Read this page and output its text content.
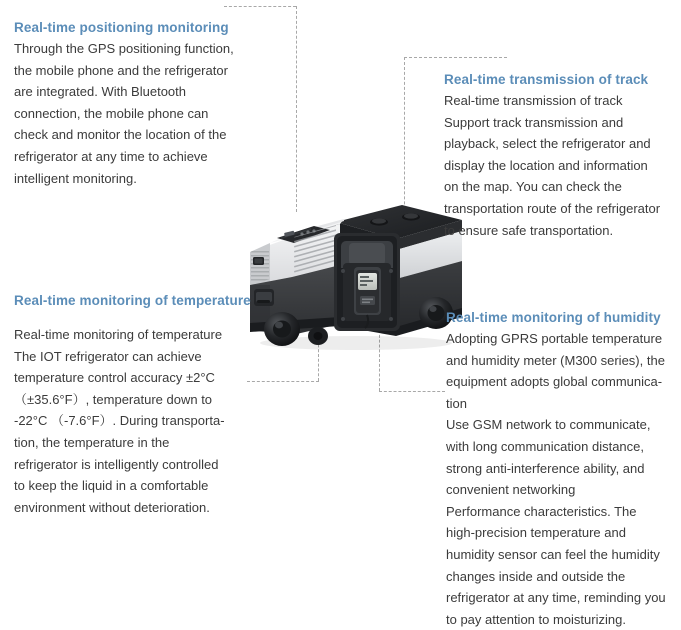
Real-time positioning monitoring

Through the GPS positioning function,
the mobile phone and the refrigerator
are integrated. With Bluetooth
connection, the mobile phone can
check and monitor the location of the
refrigerator at any time to achieve
intelligent monitoring.

Real-time transmission of track

Real-time transmission of track
Support track transmission and
playback, select the refrigerator and
display the location and information
on the map. You can check the
transportation route of the refrigerator
to ensure safe transportation.

Real-time monitoring of temperature

Real-time monitoring of temperature
The IOT refrigerator can achieve
temperature control accuracy ±2°C
（±35.6°F）, temperature down to
-22°C （-7.6°F）. During transporta-
tion, the temperature in the
refrigerator is intelligently controlled
to keep the liquid in a comfortable
environment without deterioration.

Real-time monitoring of humidity

Adopting GPRS portable temperature
and humidity meter (M300 series), the
equipment adopts global communica-
tion
Use GSM network to communicate,
with long communication distance,
strong anti-interference ability, and
convenient networking
Performance characteristics. The
high-precision temperature and
humidity sensor can feel the humidity
changes inside and outside the
refrigerator at any time, reminding you
to pay attention to moisturizing.
